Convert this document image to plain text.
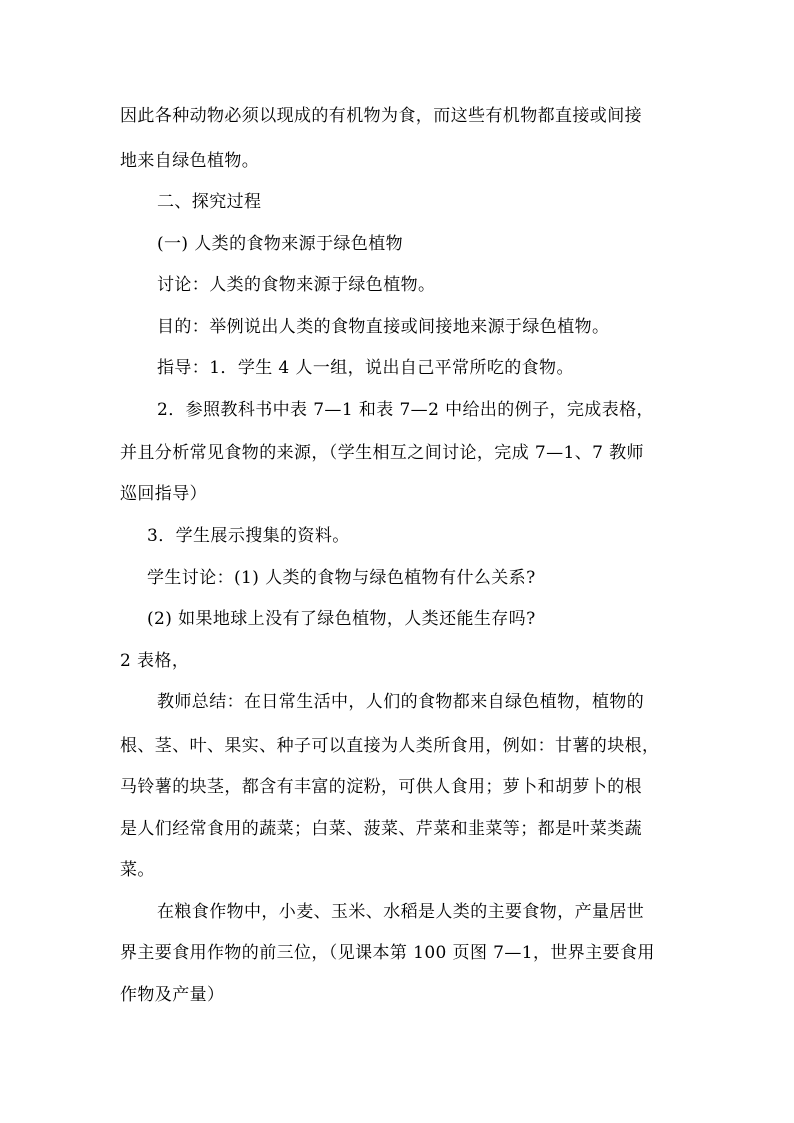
因此各种动物必须以现成的有机物为食，而这些有机物都直接或间接
地来自绿色植物。
二、探究过程
(一) 人类的食物来源于绿色植物
讨论：人类的食物来源于绿色植物。
目的：举例说出人类的食物直接或间接地来源于绿色植物。
指导：1．学生 4 人一组，说出自己平常所吃的食物。
2．参照教科书中表 7—1 和表 7—2 中给出的例子，完成表格，
并且分析常见食物的来源，（学生相互之间讨论，完成 7—1、7 教师
巡回指导）
3．学生展示搜集的资料。
学生讨论：(1) 人类的食物与绿色植物有什么关系?
(2) 如果地球上没有了绿色植物，人类还能生存吗?
2 表格，
教师总结：在日常生活中，人们的食物都来自绿色植物，植物的
根、茎、叶、果实、种子可以直接为人类所食用，例如：甘薯的块根，
马铃薯的块茎，都含有丰富的淀粉，可供人食用；萝卜和胡萝卜的根
是人们经常食用的蔬菜；白菜、菠菜、芹菜和韭菜等；都是叶菜类蔬
菜。
在粮食作物中，小麦、玉米、水稻是人类的主要食物，产量居世
界主要食用作物的前三位，（见课本第 100 页图 7—1，世界主要食用
作物及产量）
